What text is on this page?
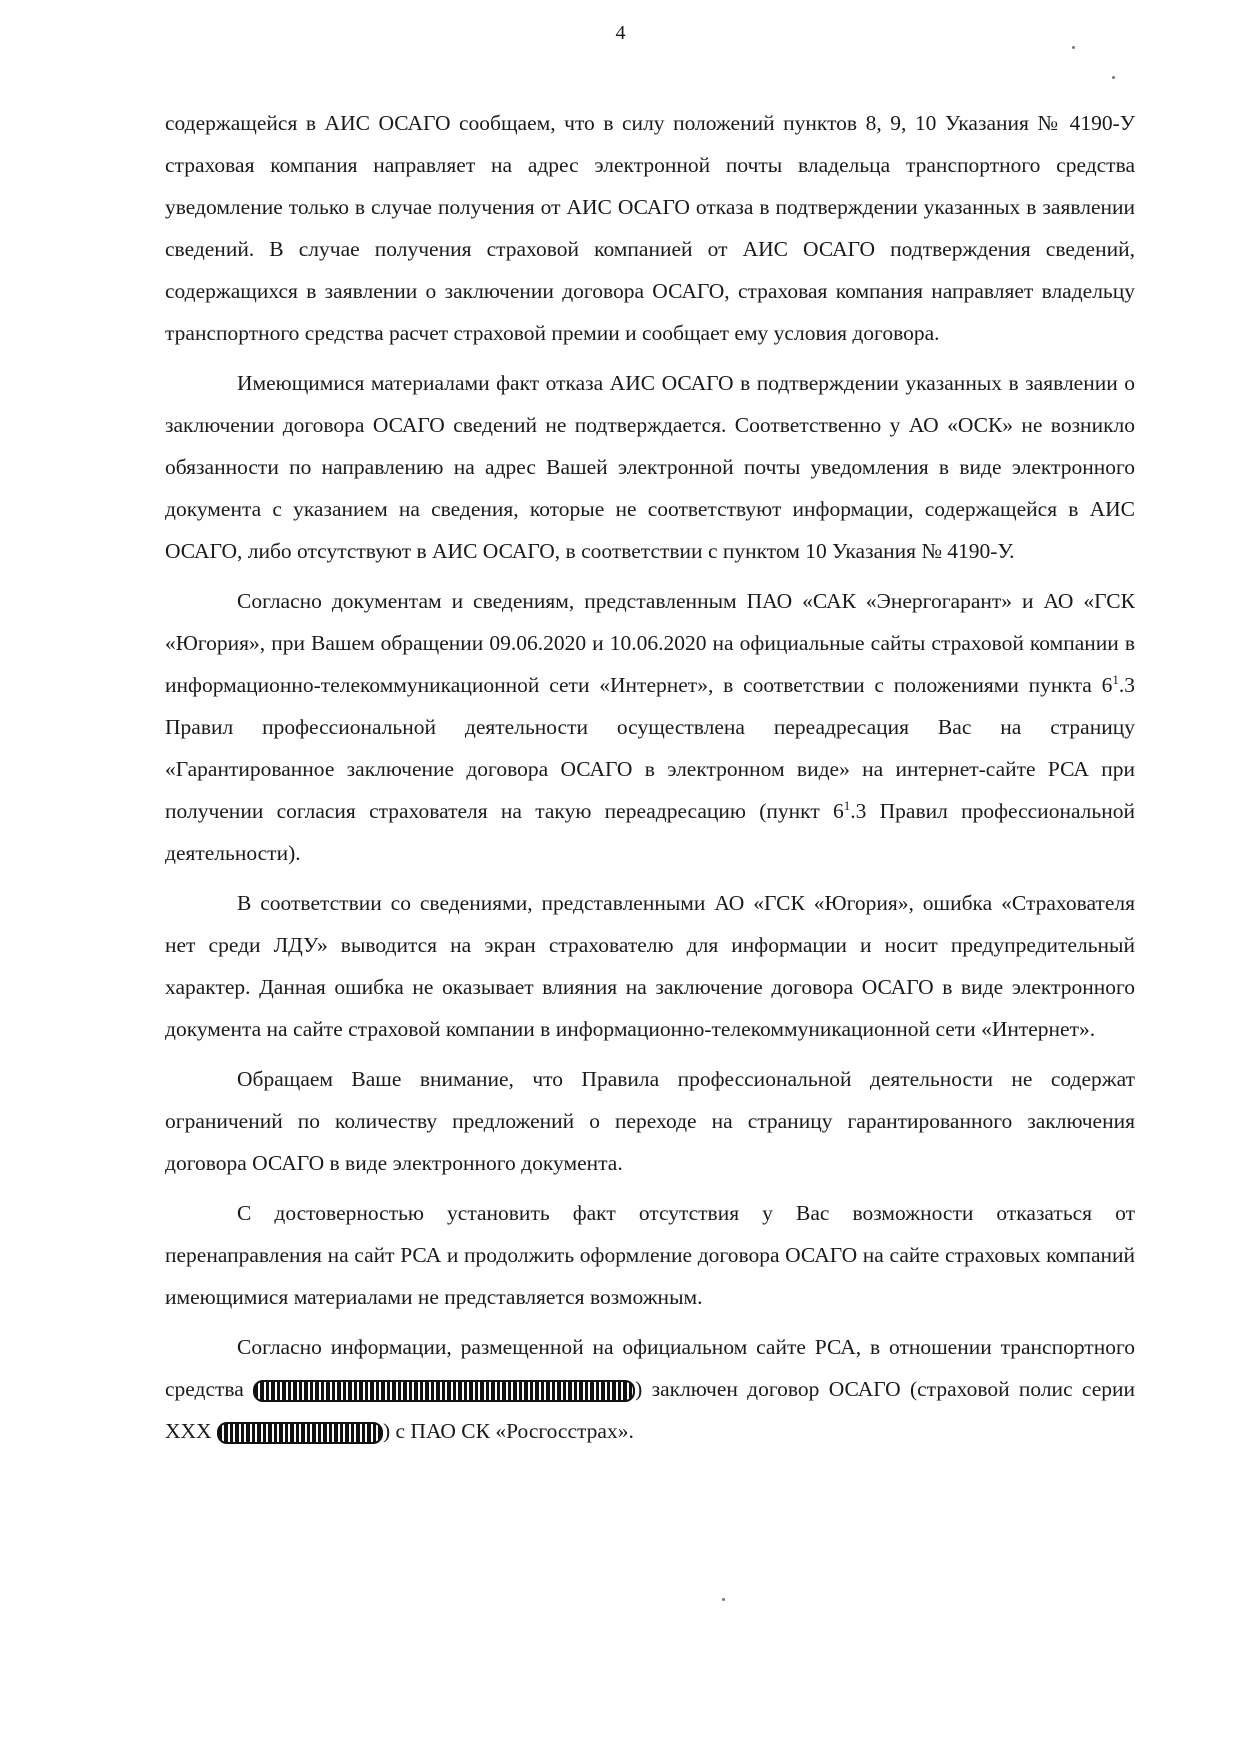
4

содержащейся в АИС ОСАГО сообщаем, что в силу положений пунктов 8, 9, 10 Указания № 4190-У страховая компания направляет на адрес электронной почты владельца транспортного средства уведомление только в случае получения от АИС ОСАГО отказа в подтверждении указанных в заявлении сведений. В случае получения страховой компанией от АИС ОСАГО подтверждения сведений, содержащихся в заявлении о заключении договора ОСАГО, страховая компания направляет владельцу транспортного средства расчет страховой премии и сообщает ему условия договора.

Имеющимися материалами факт отказа АИС ОСАГО в подтверждении указанных в заявлении о заключении договора ОСАГО сведений не подтверждается. Соответственно у АО «ОСК» не возникло обязанности по направлению на адрес Вашей электронной почты уведомления в виде электронного документа с указанием на сведения, которые не соответствуют информации, содержащейся в АИС ОСАГО, либо отсутствуют в АИС ОСАГО, в соответствии с пунктом 10 Указания № 4190-У.

Согласно документам и сведениям, представленным ПАО «САК «Энергогарант» и АО «ГСК «Югория», при Вашем обращении 09.06.2020 и 10.06.2020 на официальные сайты страховой компании в информационно-телекоммуникационной сети «Интернет», в соответствии с положениями пункта $6^1.3$ Правил профессиональной деятельности осуществлена переадресация Вас на страницу «Гарантированное заключение договора ОСАГО в электронном виде» на интернет-сайте РСА при получении согласия страхователя на такую переадресацию (пункт $6^1.3$ Правил профессиональной деятельности).

В соответствии со сведениями, представленными АО «ГСК «Югория», ошибка «Страхователя нет среди ЛДУ» выводится на экран страхователю для информации и носит предупредительный характер. Данная ошибка не оказывает влияния на заключение договора ОСАГО в виде электронного документа на сайте страховой компании в информационно-телекоммуникационной сети «Интернет».

Обращаем Ваше внимание, что Правила профессиональной деятельности не содержат ограничений по количеству предложений о переходе на страницу гарантированного заключения договора ОСАГО в виде электронного документа.

С достоверностью установить факт отсутствия у Вас возможности отказаться от перенаправления на сайт РСА и продолжить оформление договора ОСАГО на сайте страховых компаний имеющимися материалами не представляется возможным.

Согласно информации, размещенной на официальном сайте РСА, в отношении транспортного средства	) заключен договор ОСАГО (страховой полис серии XXX	) с ПАО СК «Росгосстрах».
